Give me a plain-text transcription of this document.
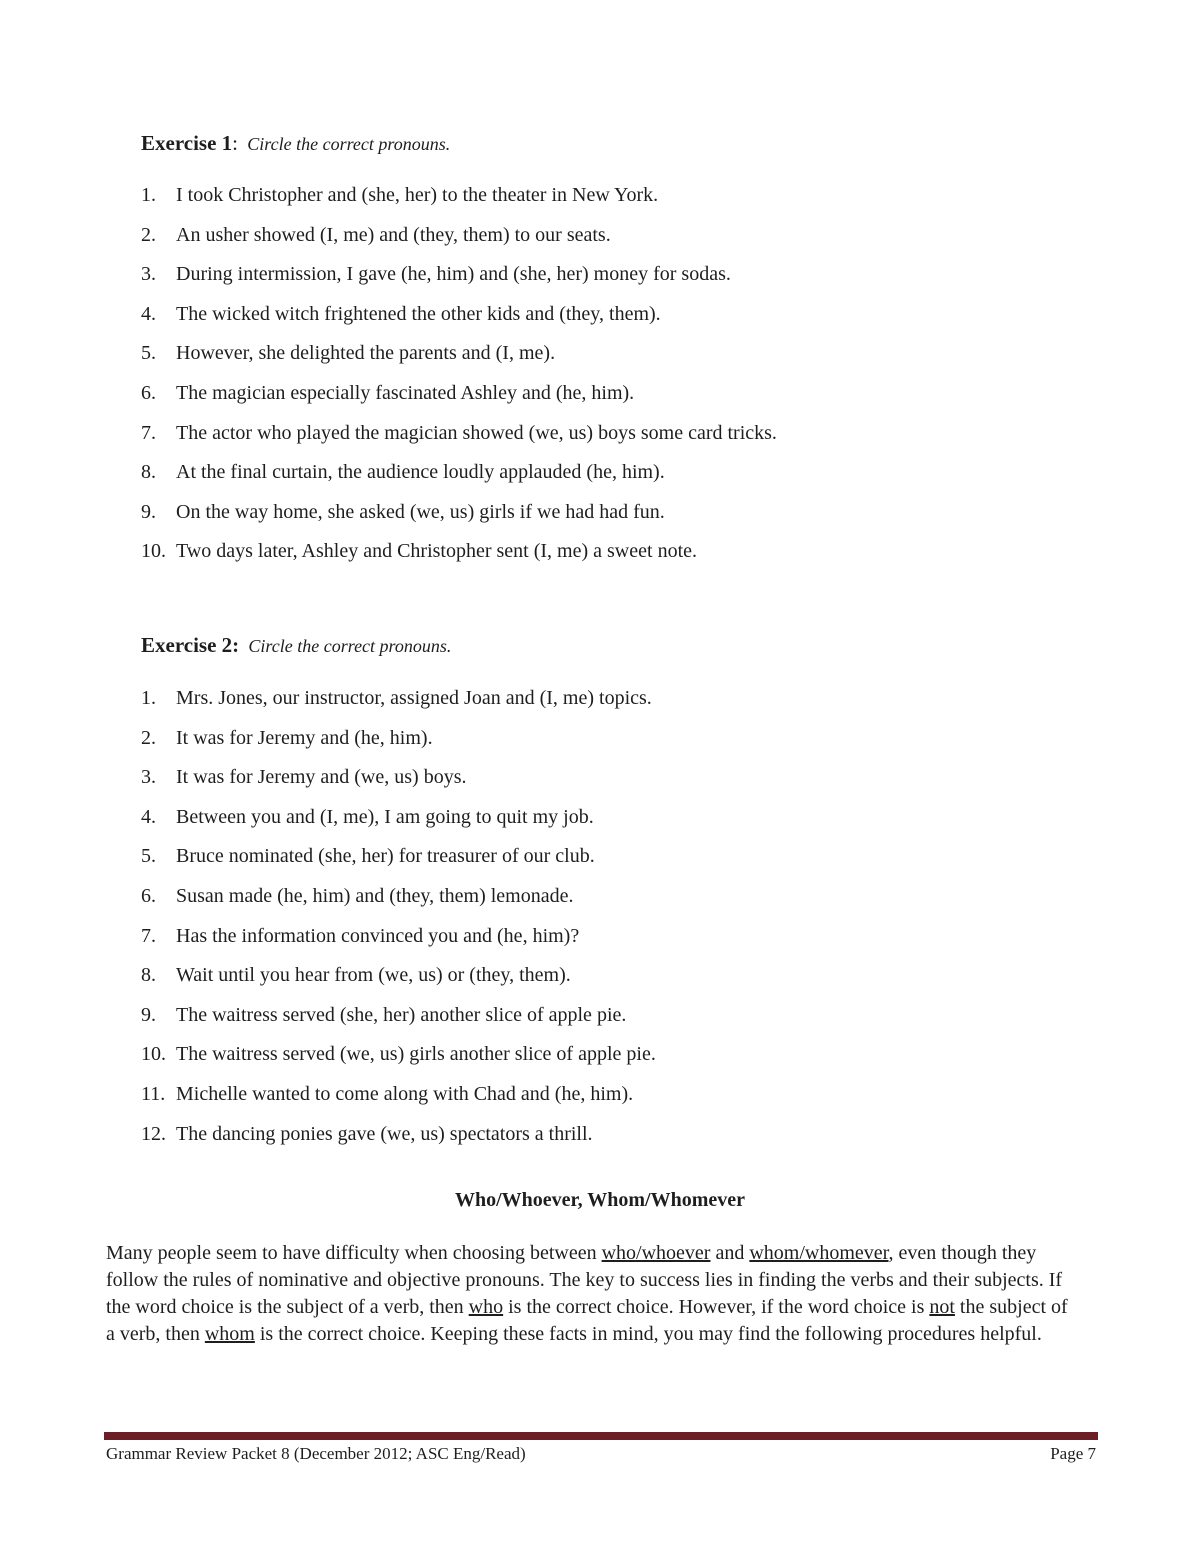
Exercise 1: Circle the correct pronouns.
1. I took Christopher and (she, her) to the theater in New York.
2. An usher showed (I, me) and (they, them) to our seats.
3. During intermission, I gave (he, him) and (she, her) money for sodas.
4. The wicked witch frightened the other kids and (they, them).
5. However, she delighted the parents and (I, me).
6. The magician especially fascinated Ashley and (he, him).
7. The actor who played the magician showed (we, us) boys some card tricks.
8. At the final curtain, the audience loudly applauded (he, him).
9. On the way home, she asked (we, us) girls if we had had fun.
10. Two days later, Ashley and Christopher sent (I, me) a sweet note.
Exercise 2: Circle the correct pronouns.
1. Mrs. Jones, our instructor, assigned Joan and (I, me) topics.
2. It was for Jeremy and (he, him).
3. It was for Jeremy and (we, us) boys.
4. Between you and (I, me), I am going to quit my job.
5. Bruce nominated (she, her) for treasurer of our club.
6. Susan made (he, him) and (they, them) lemonade.
7. Has the information convinced you and (he, him)?
8. Wait until you hear from (we, us) or (they, them).
9. The waitress served (she, her) another slice of apple pie.
10. The waitress served (we, us) girls another slice of apple pie.
11. Michelle wanted to come along with Chad and (he, him).
12. The dancing ponies gave (we, us) spectators a thrill.
Who/Whoever, Whom/Whomever
Many people seem to have difficulty when choosing between who/whoever and whom/whomever, even though they follow the rules of nominative and objective pronouns. The key to success lies in finding the verbs and their subjects. If the word choice is the subject of a verb, then who is the correct choice. However, if the word choice is not the subject of a verb, then whom is the correct choice. Keeping these facts in mind, you may find the following procedures helpful.
Grammar Review Packet 8 (December 2012; ASC Eng/Read)	Page 7
